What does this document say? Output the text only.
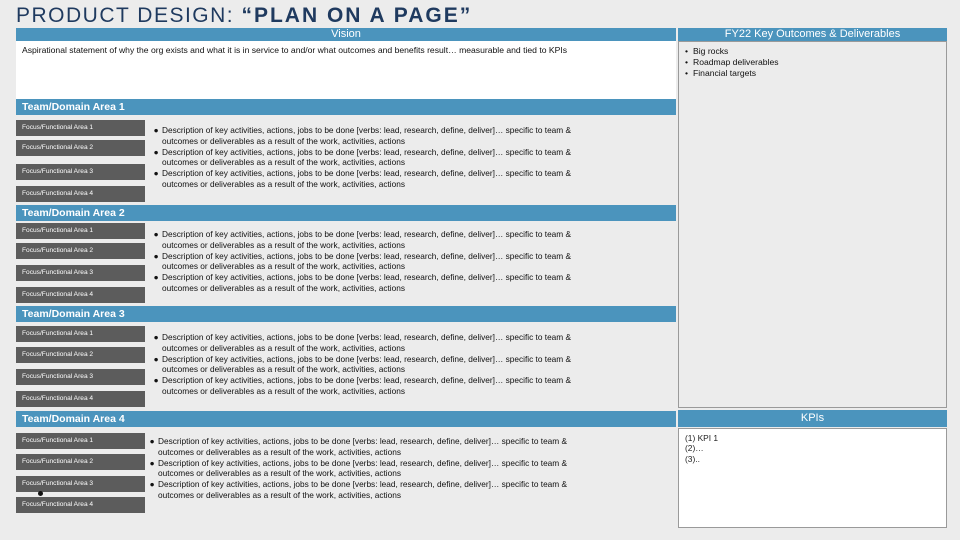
PRODUCT DESIGN: “PLAN ON A PAGE”
Vision
Aspirational statement of why the org exists and what it is in service to and/or what outcomes and benefits result… measurable and tied to KPIs
Team/Domain Area 1
Focus/Functional Area 1
Focus/Functional Area 2
Focus/Functional Area 3
Focus/Functional Area 4
● Description of key activities, actions, jobs to be done [verbs: lead, research, define, deliver]… specific to team &
outcomes or deliverables as a result of the work, activities, actions
● Description of key activities, actions, jobs to be done [verbs: lead, research, define, deliver]… specific to team &
outcomes or deliverables as a result of the work, activities, actions
● Description of key activities, actions, jobs to be done [verbs: lead, research, define, deliver]… specific to team &
outcomes or deliverables as a result of the work, activities, actions
Team/Domain Area 2
Focus/Functional Area 1
Focus/Functional Area 2
Focus/Functional Area 3
Focus/Functional Area 4
● Description of key activities, actions, jobs to be done [verbs: lead, research, define, deliver]… specific to team &
outcomes or deliverables as a result of the work, activities, actions
● Description of key activities, actions, jobs to be done [verbs: lead, research, define, deliver]… specific to team &
outcomes or deliverables as a result of the work, activities, actions
● Description of key activities, actions, jobs to be done [verbs: lead, research, define, deliver]… specific to team &
outcomes or deliverables as a result of the work, activities, actions
Team/Domain Area 3
Focus/Functional Area 1
Focus/Functional Area 2
Focus/Functional Area 3
Focus/Functional Area 4
● Description of key activities, actions, jobs to be done [verbs: lead, research, define, deliver]… specific to team &
outcomes or deliverables as a result of the work, activities, actions
● Description of key activities, actions, jobs to be done [verbs: lead, research, define, deliver]… specific to team &
outcomes or deliverables as a result of the work, activities, actions
● Description of key activities, actions, jobs to be done [verbs: lead, research, define, deliver]… specific to team &
outcomes or deliverables as a result of the work, activities, actions
Team/Domain Area 4
Focus/Functional Area 1
Focus/Functional Area 2
Focus/Functional Area 3
Focus/Functional Area 4
● Description of key activities, actions, jobs to be done [verbs: lead, research, define, deliver]… specific to team &
outcomes or deliverables as a result of the work, activities, actions
● Description of key activities, actions, jobs to be done [verbs: lead, research, define, deliver]… specific to team &
outcomes or deliverables as a result of the work, activities, actions
● Description of key activities, actions, jobs to be done [verbs: lead, research, define, deliver]… specific to team &
outcomes or deliverables as a result of the work, activities, actions
FY22 Key Outcomes & Deliverables
• Big rocks
• Roadmap deliverables
• Financial targets
KPIs
(1) KPI 1
(2)…
(3)..
